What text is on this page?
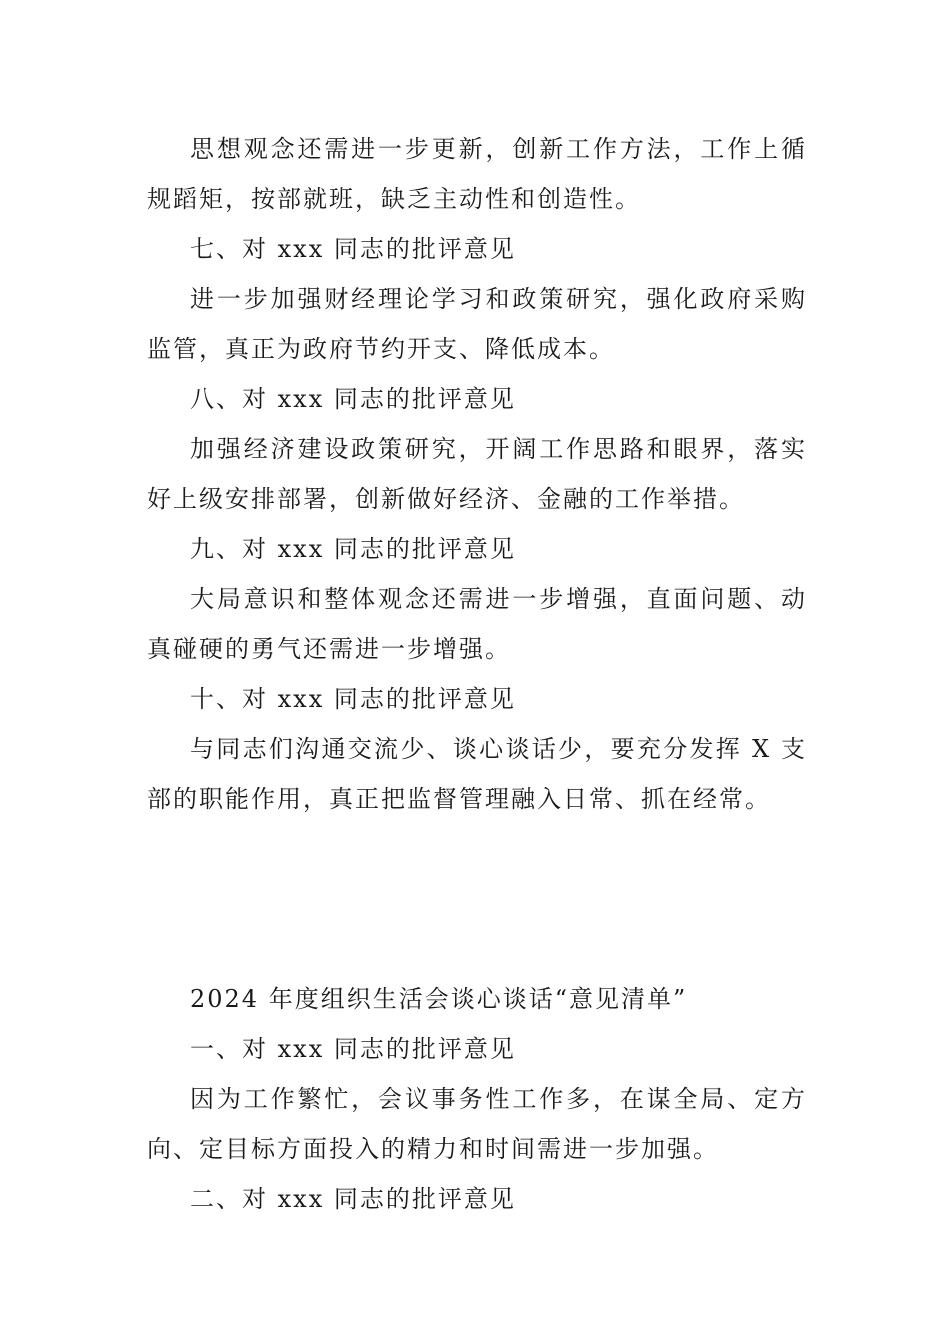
思想观念还需进一步更新，创新工作方法，工作上循规蹈矩，按部就班，缺乏主动性和创造性。

七、对 xxx 同志的批评意见

进一步加强财经理论学习和政策研究，强化政府采购监管，真正为政府节约开支、降低成本。

八、对 xxx 同志的批评意见

加强经济建设政策研究，开阔工作思路和眼界，落实好上级安排部署，创新做好经济、金融的工作举措。

九、对 xxx 同志的批评意见

大局意识和整体观念还需进一步增强，直面问题、动真碰硬的勇气还需进一步增强。

十、对 xxx 同志的批评意见

与同志们沟通交流少、谈心谈话少，要充分发挥 X 支部的职能作用，真正把监督管理融入日常、抓在经常。

2024 年度组织生活会谈心谈话“意见清单”

一、对 xxx 同志的批评意见

因为工作繁忙，会议事务性工作多，在谋全局、定方向、定目标方面投入的精力和时间需进一步加强。

二、对 xxx 同志的批评意见
